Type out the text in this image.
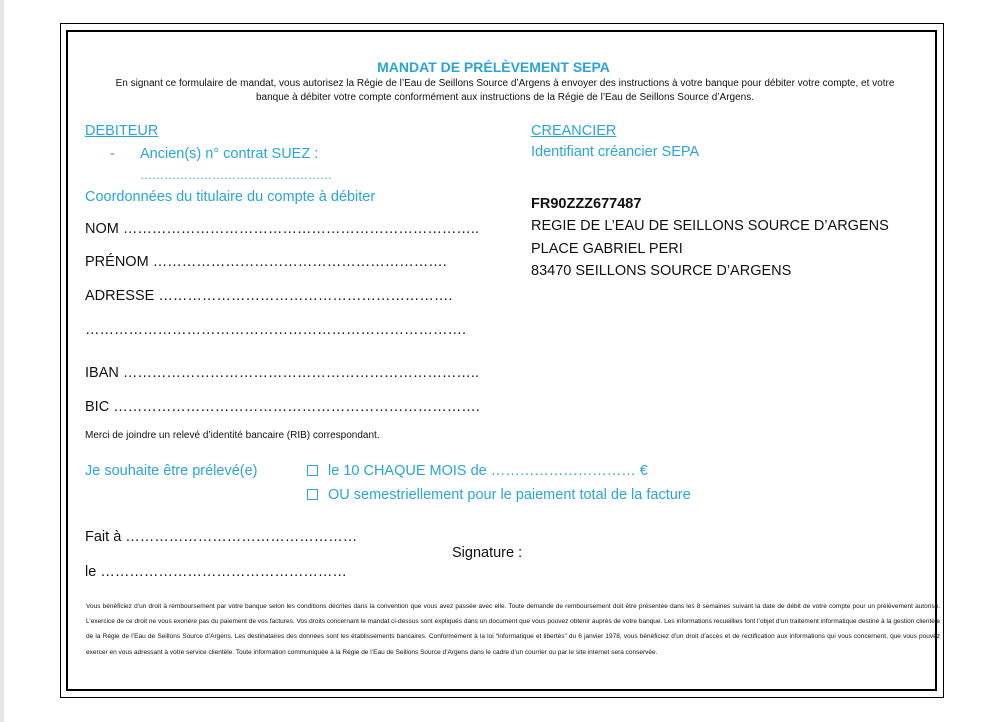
MANDAT DE PRÉLÈVEMENT SEPA
En signant ce formulaire de mandat, vous autorisez la Régie de l’Eau de Seillons Source d’Argens à envoyer des instructions à votre banque pour débiter votre compte, et votre
banque à débiter votre compte conformément aux instructions de la Régie de l’Eau de Seillons Source d’Argens.
DEBITEUR
- Ancien(s) n° contrat SUEZ :
…………………………………………
Coordonnées du titulaire du compte à débiter
NOM ………………………………………………………………..
PRÉNOM …………………………………………………….
ADRESSE …………………………………………………….
…………………………………………………………………….
IBAN ………………………………………………………………..
BIC ………………………………………………………………….
Merci de joindre un relevé d’identité bancaire (RIB) correspondant.
CREANCIER
Identifiant créancier SEPA
FR90ZZZ677487
REGIE DE L’EAU DE SEILLONS SOURCE D’ARGENS
PLACE GABRIEL PERI
83470 SEILLONS SOURCE D’ARGENS
Je souhaite être prélevé(e)	le 10 CHAQUE MOIS de ………………………… €
OU semestriellement pour le paiement total de la facture
Fait à …………………………………………
le ……………………………………………
Signature :
Vous bénéficiez d’un droit à remboursement par votre banque selon les conditions décrites dans la convention que vous avez passée avec elle. Toute demande de remboursement doit être présentée dans les 8 semaines suivant la date de débit de votre compte pour un prélèvement autorisé. L’exercice de ce droit ne vous exonère pas du paiement de vos factures. Vos droits concernant le mandat ci-dessus sont expliqués dans un document que vous pouvez obtenir auprès de votre banque. Les informations recueillies font l’objet d’un traitement informatique destiné à la gestion clientèle de la Régie de l’Eau de Seillons Source d’Argens. Les destinataires des données sont les établissements bancaires. Conformément à la loi “informatique et libertés” du 6 janvier 1978, vous bénéficiez d’un droit d’accès et de rectification aux informations qui vous concernent, que vous pouvez exercer en vous adressant à votre service clientèle. Toute information communiquée à la Régie de l’Eau de Seillons Source d’Argens dans le cadre d’un courrier ou par le site internet sera conservée.
